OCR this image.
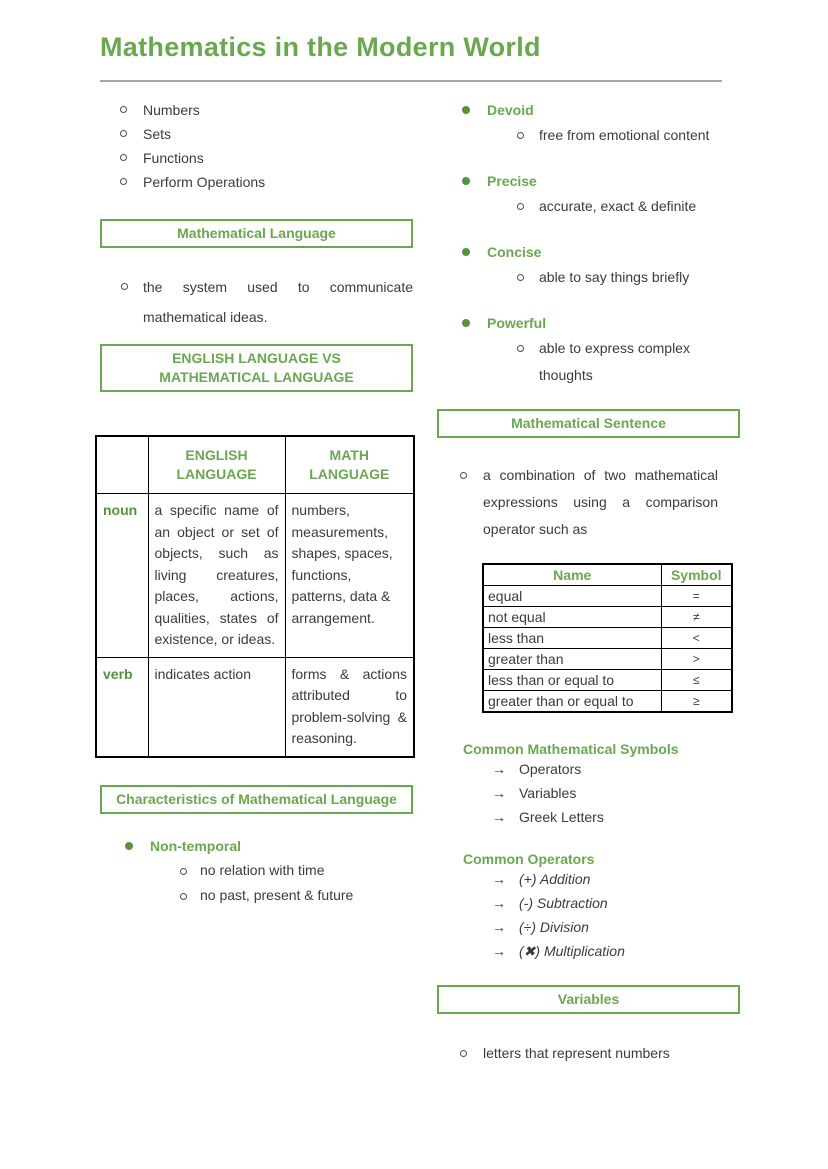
Mathematics in the Modern World
Numbers
Sets
Functions
Perform Operations
Mathematical Language
the system used to communicate mathematical ideas.
ENGLISH LANGUAGE VS MATHEMATICAL LANGUAGE
	ENGLISH LANGUAGE	MATH LANGUAGE
noun	a specific name of an object or set of objects, such as living creatures, places, actions, qualities, states of existence, or ideas.	numbers, measurements, shapes, spaces, functions, patterns, data & arrangement.
verb	indicates action	forms & actions attributed to problem-solving & reasoning.
Characteristics of Mathematical Language
Non-temporal
no relation with time
no past, present & future
Devoid
free from emotional content
Precise
accurate, exact & definite
Concise
able to say things briefly
Powerful
able to express complex thoughts
Mathematical Sentence
a combination of two mathematical expressions using a comparison operator such as
Name	Symbol
equal	=
not equal	≠
less than	<
greater than	>
less than or equal to	≤
greater than or equal to	≥
Common Mathematical Symbols
→ Operators
→ Variables
→ Greek Letters
Common Operators
→ (+) Addition
→ (-) Subtraction
→ (÷) Division
→ (✖) Multiplication
Variables
letters that represent numbers
